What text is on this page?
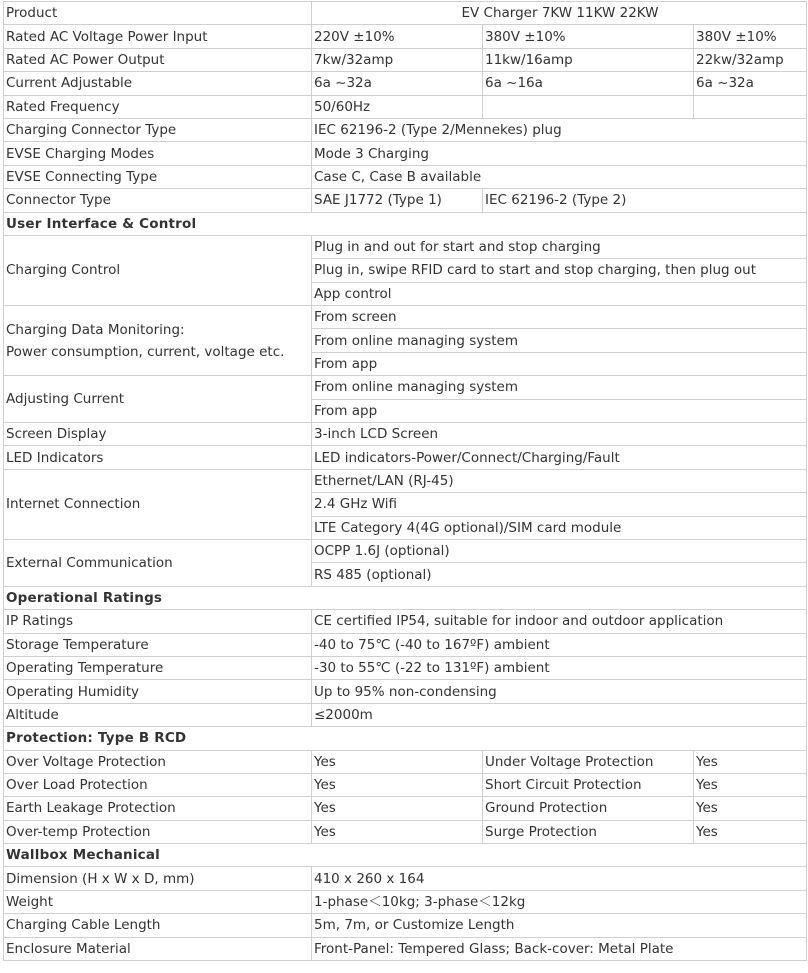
Product	EV Charger 7KW 11KW 22KW		
Rated AC Voltage Power Input	220V ±10%	380V ±10%	380V ±10%
Rated AC Power Output	7kw/32amp	11kw/16amp	22kw/32amp
Current Adjustable	6a ~32a	6a ~16a	6a ~32a
Rated Frequency	50/60Hz		
Charging Connector Type	IEC 62196-2 (Type 2/Mennekes) plug		
EVSE Charging Modes	Mode 3 Charging		
EVSE Connecting Type	Case C, Case B available		
Connector Type	SAE J1772 (Type 1)	IEC 62196-2 (Type 2)	
User Interface & Control			
Charging Control	Plug in and out for start and stop charging		
	Plug in, swipe RFID card to start and stop charging, then plug out		
	App control		

Charging Data Monitoring:
Power consumption, current, voltage etc.	From screen		
	From online managing system		
	From app		
Adjusting Current	From online managing system		
	From app		
Screen Display	3-inch LCD Screen		
LED Indicators	LED indicators-Power/Connect/Charging/Fault		
Internet Connection	Ethernet/LAN (RJ-45)		
	2.4 GHz Wifi		
	LTE Category 4(4G optional)/SIM card module		
External Communication	OCPP 1.6J (optional)		
	RS 485 (optional)		
Operational Ratings			
IP Ratings	CE certified IP54, suitable for indoor and outdoor application		
Storage Temperature	-40 to 75℃ (-40 to 167ºF) ambient		
Operating Temperature	-30 to 55℃ (-22 to 131ºF) ambient		
Operating Humidity	Up to 95% non-condensing		
Altitude	≤2000m		
Protection: Type B RCD			
Over Voltage Protection	Yes	Under Voltage Protection	Yes
Over Load Protection	Yes	Short Circuit Protection	Yes
Earth Leakage Protection	Yes	Ground Protection	Yes
Over-temp Protection	Yes	Surge Protection	Yes
Wallbox Mechanical			
Dimension (H x W x D, mm)	410 x 260 x 164		
Weight	1-phase＜10kg; 3-phase＜12kg		
Charging Cable Length	5m, 7m, or Customize Length		
Enclosure Material	Front-Panel: Tempered Glass; Back-cover: Metal Plate		
